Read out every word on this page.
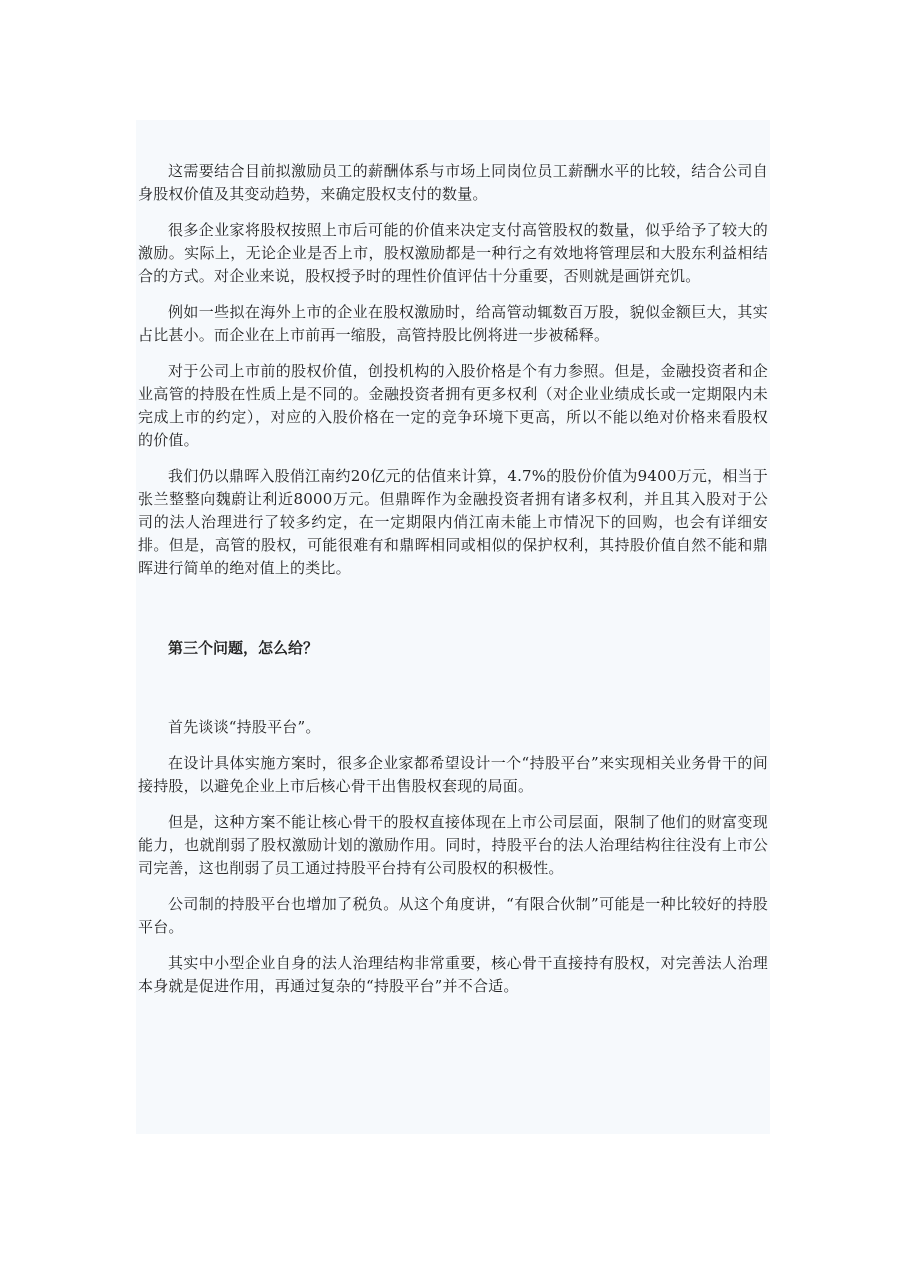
这需要结合目前拟激励员工的薪酬体系与市场上同岗位员工薪酬水平的比较，结合公司自身股权价值及其变动趋势，来确定股权支付的数量。

很多企业家将股权按照上市后可能的价值来决定支付高管股权的数量，似乎给予了较大的激励。实际上，无论企业是否上市，股权激励都是一种行之有效地将管理层和大股东利益相结合的方式。对企业来说，股权授予时的理性价值评估十分重要，否则就是画饼充饥。

例如一些拟在海外上市的企业在股权激励时，给高管动辄数百万股，貌似金额巨大，其实占比甚小。而企业在上市前再一缩股，高管持股比例将进一步被稀释。

对于公司上市前的股权价值，创投机构的入股价格是个有力参照。但是，金融投资者和企业高管的持股在性质上是不同的。金融投资者拥有更多权利（对企业业绩成长或一定期限内未完成上市的约定），对应的入股价格在一定的竞争环境下更高，所以不能以绝对价格来看股权的价值。

我们仍以鼎晖入股俏江南约20亿元的估值来计算，4.7%的股份价值为9400万元，相当于张兰整整向魏蔚让利近8000万元。但鼎晖作为金融投资者拥有诸多权利，并且其入股对于公司的法人治理进行了较多约定，在一定期限内俏江南未能上市情况下的回购，也会有详细安排。但是，高管的股权，可能很难有和鼎晖相同或相似的保护权利，其持股价值自然不能和鼎晖进行简单的绝对值上的类比。

第三个问题，怎么给？

首先谈谈“持股平台”。

在设计具体实施方案时，很多企业家都希望设计一个“持股平台”来实现相关业务骨干的间接持股，以避免企业上市后核心骨干出售股权套现的局面。

但是，这种方案不能让核心骨干的股权直接体现在上市公司层面，限制了他们的财富变现能力，也就削弱了股权激励计划的激励作用。同时，持股平台的法人治理结构往往没有上市公司完善，这也削弱了员工通过持股平台持有公司股权的积极性。

公司制的持股平台也增加了税负。从这个角度讲，“有限合伙制”可能是一种比较好的持股平台。

其实中小型企业自身的法人治理结构非常重要，核心骨干直接持有股权，对完善法人治理本身就是促进作用，再通过复杂的“持股平台”并不合适。
